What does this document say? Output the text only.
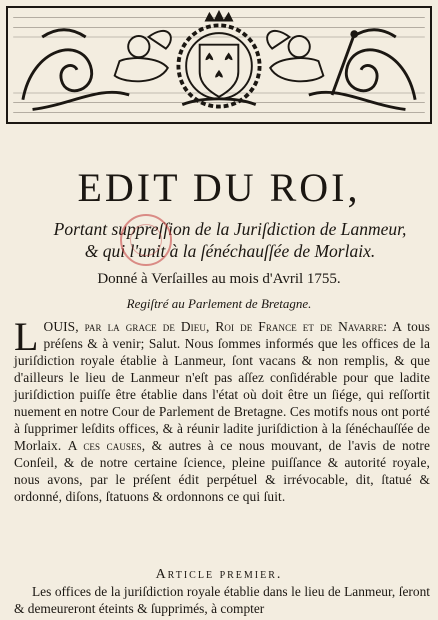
EDIT DU ROI,
Portant suppreſſion de la Juriſdiction de Lanmeur,
& qui l'unit à la ſénéchauſſée de Morlaix.
Donné à Verſailles au mois d'Avril 1755.
Regiſtré au Parlement de Bretagne.
LOUIS, par la grace de Dieu, Roi de France et de Navarre: A tous préſens & à venir; Salut. Nous ſommes informés que les offices de la juriſdiction royale établie à Lanmeur, ſont vacans & non remplis, & que d'ailleurs le lieu de Lanmeur n'eſt pas aſſez conſidérable pour que ladite juriſdiction puiſſe être établie dans l'état où doit être un ſiége, qui reſſortit nuement en notre Cour de Parlement de Bretagne. Ces motifs nous ont porté à ſupprimer leſdits offices, & à réunir ladite juriſdiction à la ſénéchauſſée de Morlaix. A ces causes, & autres à ce nous mouvant, de l'avis de notre Conſeil, & de notre certaine ſcience, pleine puiſſance & autorité royale, nous avons, par le préſent édit perpétuel & irrévocable, dit, ſtatué & ordonné, diſons, ſtatuons & ordonnons ce qui ſuit.
Article premier.
Les offices de la juriſdiction royale établie dans le lieu de Lanmeur, ſeront & demeureront éteints & ſupprimés, à compter
